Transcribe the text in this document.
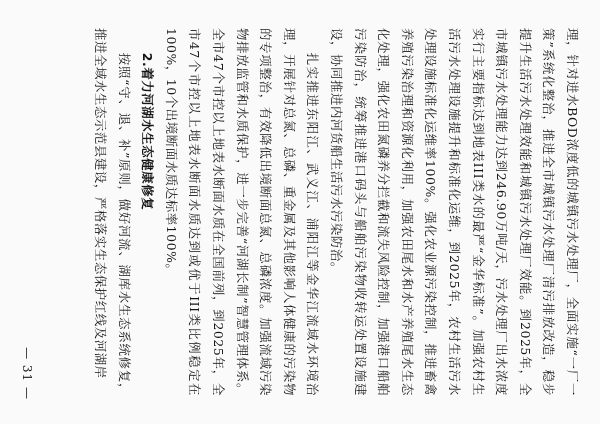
理，针对进水BOD浓度低的城镇污水处理厂，全面实施“一厂一策”系统化整治，推进全市城镇污水处理厂清污排放改造，稳步提升生活污水处理效能和城镇污水处理厂效能。到2025年，全市城镇污水处理能力达到246.90万吨/天，污水处理厂出水浓度实行主要指标达到地表III类水的最严“金华标准”。加强农村生活污水处理设施提升和标准化运维，到2025年，农村生活污水处理设施标准化运维率100%。强化农业源污染控制，推进畜禽养殖污染治理和资源化利用，加强农田尾水和水产养殖尾水生态化处理，强化农田氮磷养分拦截和流失风险控制，加强港口船舶污染防治，统筹推进港口码头与船舶污染物收转运处置设施建设，协同推进内河货船生活污水污染防治。

扎实推进东阳江、武义江、浦阳江等金华江流域水环境治理，开展针对总氮、总磷、重金属及其他影响人体健康的污染物的专项整治，有效降低出境断面总氮、总磷浓度。加强流域污染物排放监管和水质保护，进一步完善“河湖长制”智慧管理体系。全市47个市控以上地表水断面水质在全国前列，到2025年，全市47个市控以上地表水断面水质达到或优于III类比例稳定在100%，10个出境断面水质达标率100%。

2.着力河湖水生态健康修复

按照“守、退、补”原则，做好河流、湖库水生态系统修复，推进全域水生态示范县建设，严格落实生态保护红线及河湖岸

— 31 —
